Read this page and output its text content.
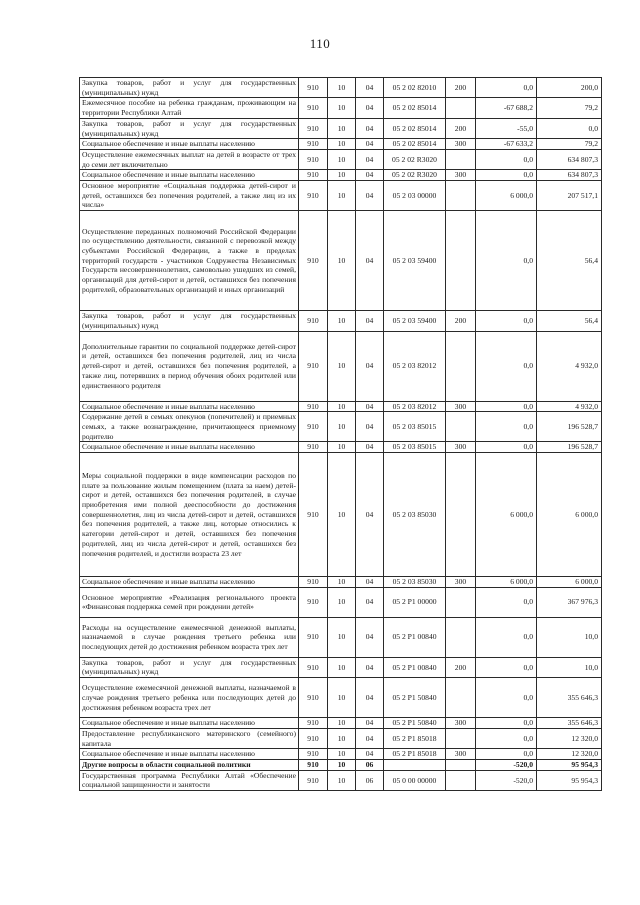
110
Закупка товаров, работ и услуг для государственных (муниципальных) нужд	910	10	04	05 2 02 82010	200	0,0	200,0
Ежемесячное пособие на ребенка гражданам, проживающим на территории Республики Алтай	910	10	04	05 2 02 85014		-67 688,2	79,2
Закупка товаров, работ и услуг для государственных (муниципальных) нужд	910	10	04	05 2 02 85014	200	-55,0	0,0
Социальное обеспечение и иные выплаты населению	910	10	04	05 2 02 85014	300	-67 633,2	79,2
Осуществление ежемесячных выплат на детей в возрасте от трех до семи лет включительно	910	10	04	05 2 02 R3020		0,0	634 807,3
Социальное обеспечение и иные выплаты населению	910	10	04	05 2 02 R3020	300	0,0	634 807,3
Основное мероприятие «Социальная поддержка детей-сирот и детей, оставшихся без попечения родителей, а также лиц из их числа»	910	10	04	05 2 03 00000		6 000,0	207 517,1
Осуществление переданных полномочий Российской Федерации по осуществлению деятельности, связанной с перевозкой между субъектами Российской Федерации, а также в пределах территорий государств - участников Содружества Независимых Государств несовершеннолетних, самовольно ушедших из семей, организаций для детей-сирот и детей, оставшихся без попечения родителей, образовательных организаций и иных организаций	910	10	04	05 2 03 59400		0,0	56,4
Закупка товаров, работ и услуг для государственных (муниципальных) нужд	910	10	04	05 2 03 59400	200	0,0	56,4
Дополнительные гарантии по социальной поддержке детей-сирот и детей, оставшихся без попечения родителей, лиц из числа детей-сирот и детей, оставшихся без попечения родителей, а также лиц, потерявших в период обучения обоих родителей или единственного родителя	910	10	04	05 2 03 82012		0,0	4 932,0
Социальное обеспечение и иные выплаты населению	910	10	04	05 2 03 82012	300	0,0	4 932,0
Содержание детей в семьях опекунов (попечителей) и приемных семьях, а также вознаграждение, причитающееся приемному родителю	910	10	04	05 2 03 85015		0,0	196 528,7
Социальное обеспечение и иные выплаты населению	910	10	04	05 2 03 85015	300	0,0	196 528,7
Меры социальной поддержки в виде компенсации расходов по плате за пользование жилым помещением (плата за наем) детей-сирот и детей, оставшихся без попечения родителей, в случае приобретения ими полной дееспособности до достижения совершеннолетия, лиц из числа детей-сирот и детей, оставшихся без попечения родителей, а также лиц, которые относились к категории детей-сирот и детей, оставшихся без попечения родителей, лиц из числа детей-сирот и детей, оставшихся без попечения родителей, и достигли возраста 23 лет	910	10	04	05 2 03 85030		6 000,0	6 000,0
Социальное обеспечение и иные выплаты населению	910	10	04	05 2 03 85030	300	6 000,0	6 000,0
Основное мероприятие «Реализация регионального проекта «Финансовая поддержка семей при рождении детей»	910	10	04	05 2 P1 00000		0,0	367 976,3
Расходы на осуществление ежемесячной денежной выплаты, назначаемой в случае рождения третьего ребенка или последующих детей до достижения ребенком возраста трех лет	910	10	04	05 2 P1 00840		0,0	10,0
Закупка товаров, работ и услуг для государственных (муниципальных) нужд	910	10	04	05 2 P1 00840	200	0,0	10,0
Осуществление ежемесячной денежной выплаты, назначаемой в случае рождения третьего ребенка или последующих детей до достижения ребенком возраста трех лет	910	10	04	05 2 P1 50840		0,0	355 646,3
Социальное обеспечение и иные выплаты населению	910	10	04	05 2 P1 50840	300	0,0	355 646,3
Предоставление республиканского материнского (семейного) капитала	910	10	04	05 2 P1 85018		0,0	12 320,0
Социальное обеспечение и иные выплаты населению	910	10	04	05 2 P1 85018	300	0,0	12 320,0
Другие вопросы в области социальной политики	910	10	06			-520,0	95 954,3
Государственная программа Республики Алтай «Обеспечение социальной защищенности и занятости	910	10	06	05 0 00 00000		-520,0	95 954,3
